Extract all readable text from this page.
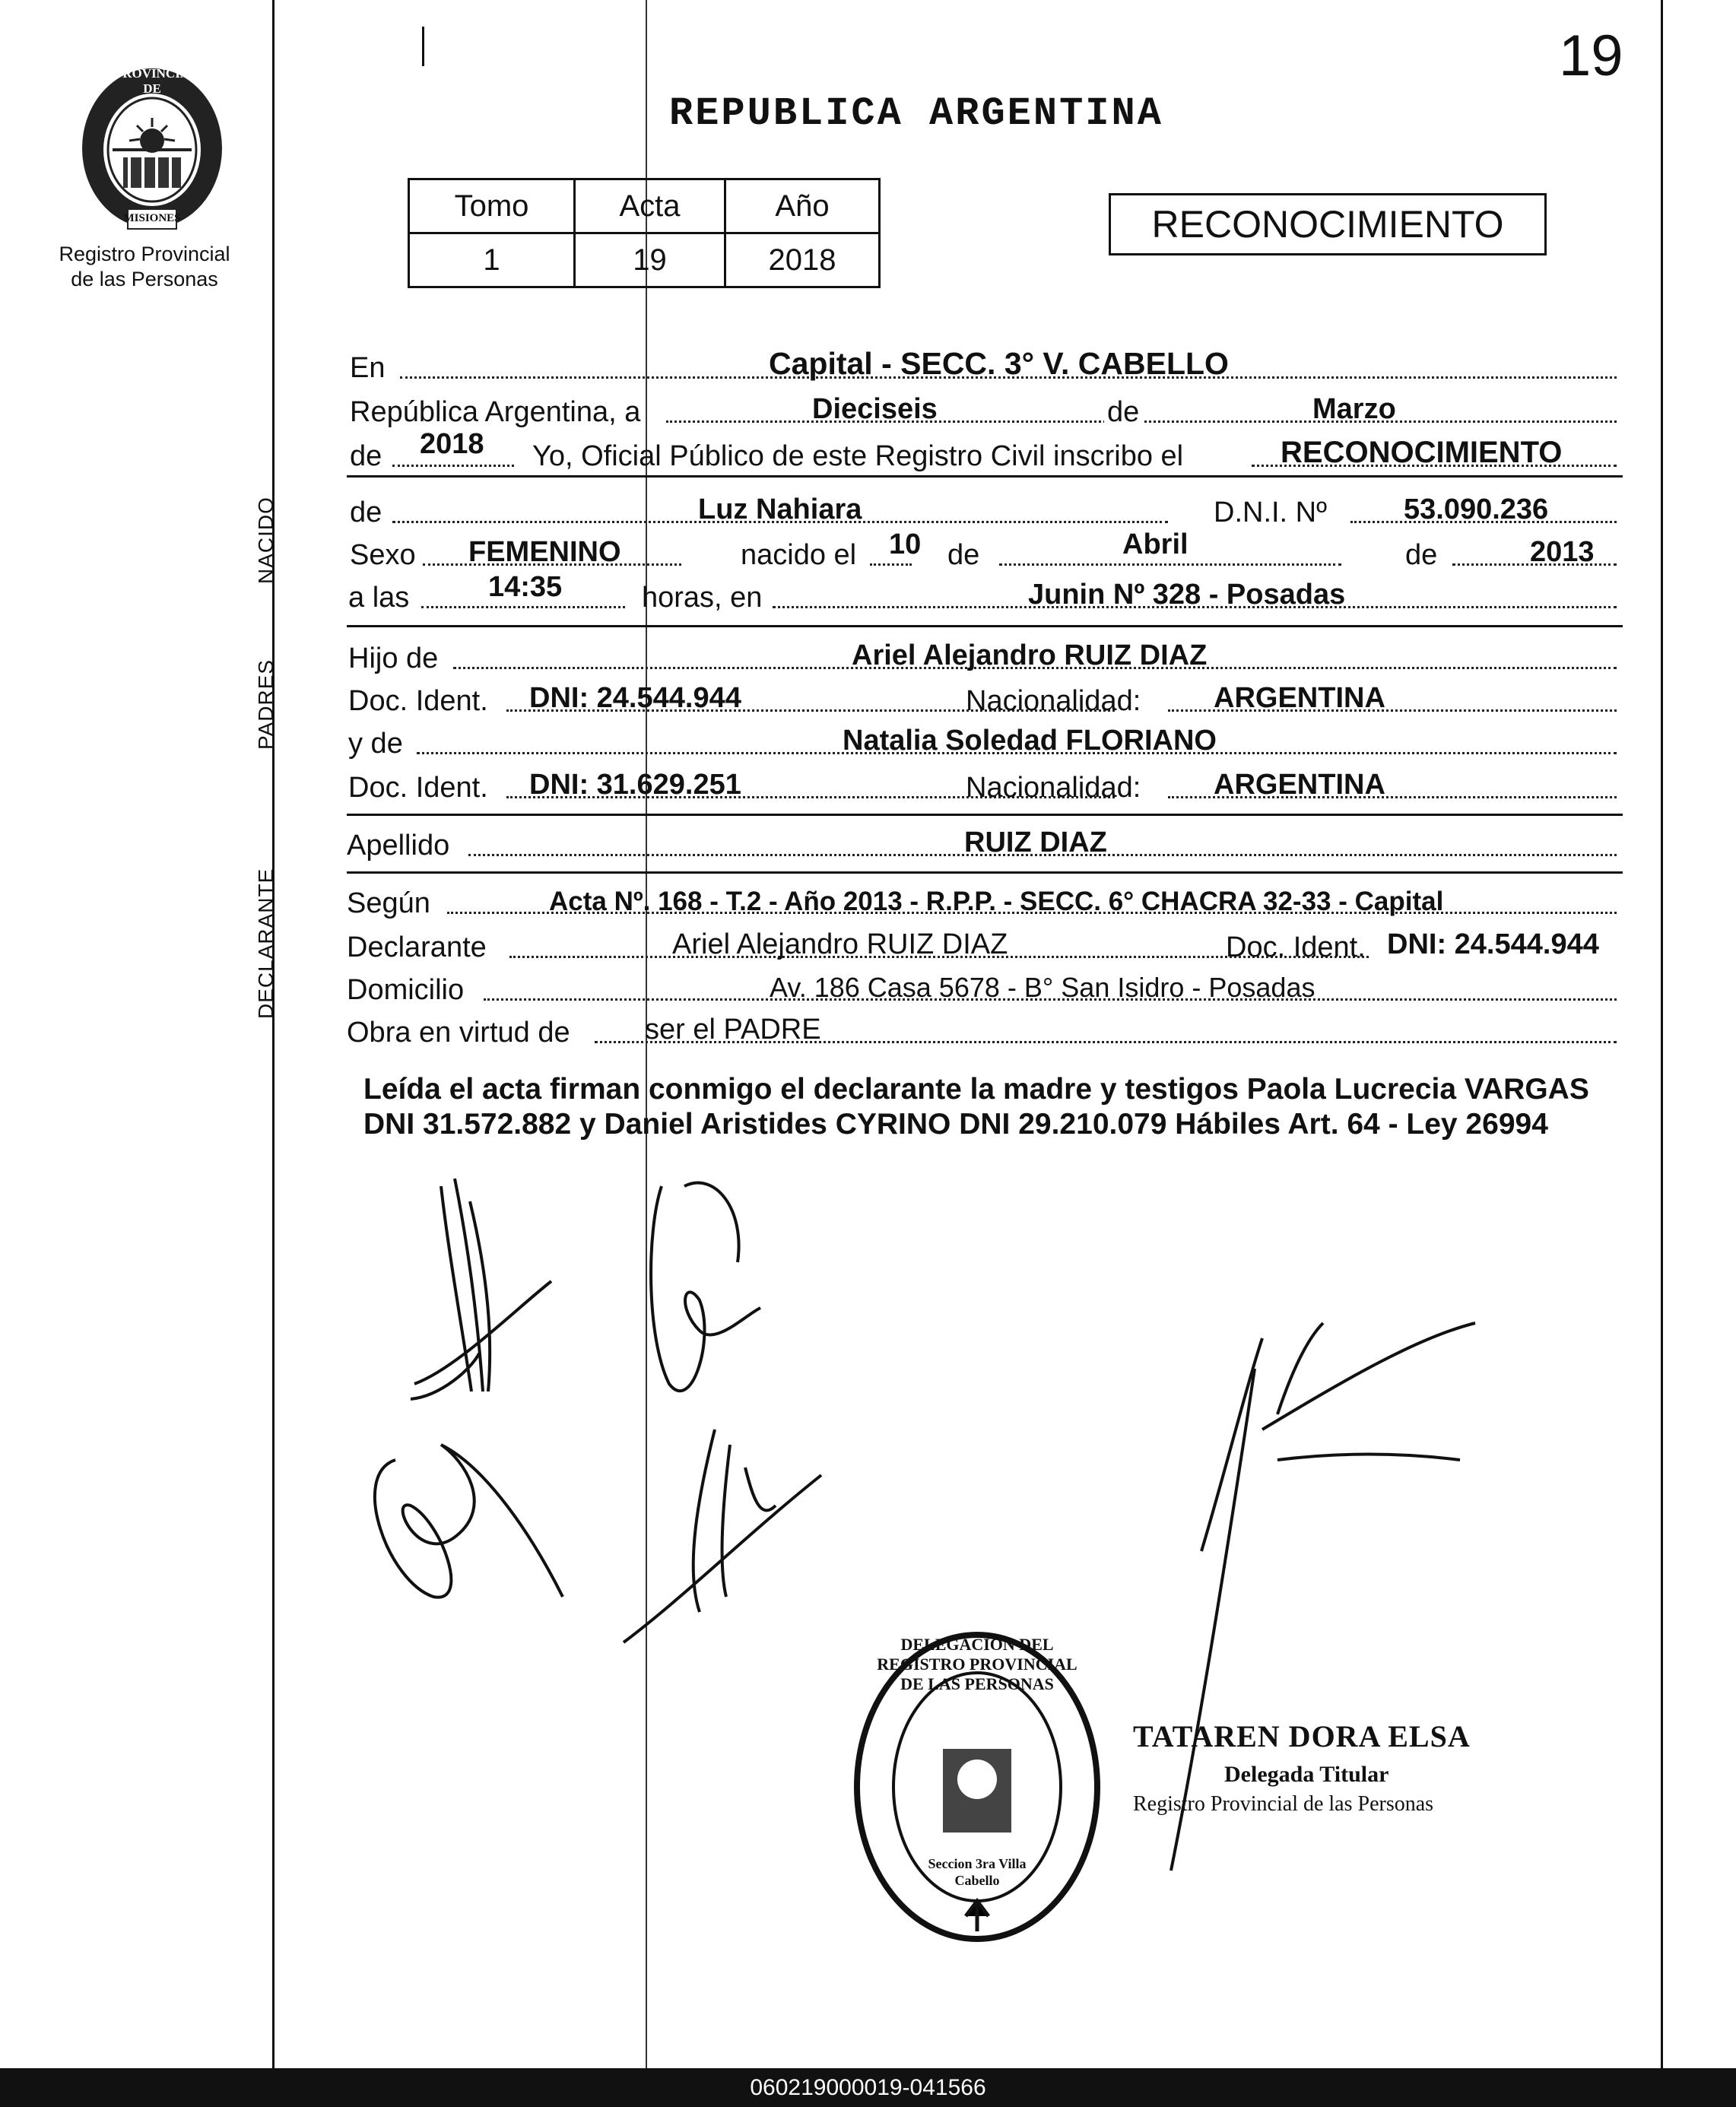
19
PROVINCIA DE
MISIONES
Registro Provincial
de las Personas
REPUBLICA ARGENTINA
Tomo	Acta	Año
1	19	2018
RECONOCIMIENTO
NACIDO
PADRES
DECLARANTE
En	Capital - SECC. 3° V. CABELLO
República Argentina, a	Dieciseis	de	Marzo
de 2018 Yo, Oficial Público de este Registro Civil inscribo el	RECONOCIMIENTO
de	Luz Nahiara	D.N.I. Nº	53.090.236
Sexo FEMENINO	nacido el 10 de	Abril	de	2013
a las	14:35	horas, en	Junin Nº 328 - Posadas
Hijo de	Ariel Alejandro RUIZ DIAZ
Doc. Ident. DNI: 24.544.944	Nacionalidad:	ARGENTINA
y de	Natalia Soledad FLORIANO
Doc. Ident. DNI: 31.629.251	Nacionalidad:	ARGENTINA
Apellido	RUIZ DIAZ
Según	Acta Nº. 168 - T.2 - Año 2013 - R.P.P. - SECC. 6° CHACRA 32-33 - Capital
Declarante	Ariel Alejandro RUIZ DIAZ	Doc. Ident. DNI: 24.544.944
Domicilio	Av. 186 Casa 5678 - B° San Isidro - Posadas
Obra en virtud de	ser el PADRE
Leída el acta firman conmigo el declarante la madre y testigos Paola Lucrecia VARGAS DNI 31.572.882 y Daniel Aristides CYRINO DNI 29.210.079 Hábiles Art. 64 - Ley 26994
DELEGACION DEL REGISTRO PROVINCIAL DE LAS PERSONAS
Seccion 3ra Villa Cabello
TATAREN DORA ELSA
Delegada Titular
Registro Provincial de las Personas
060219000019-041566
